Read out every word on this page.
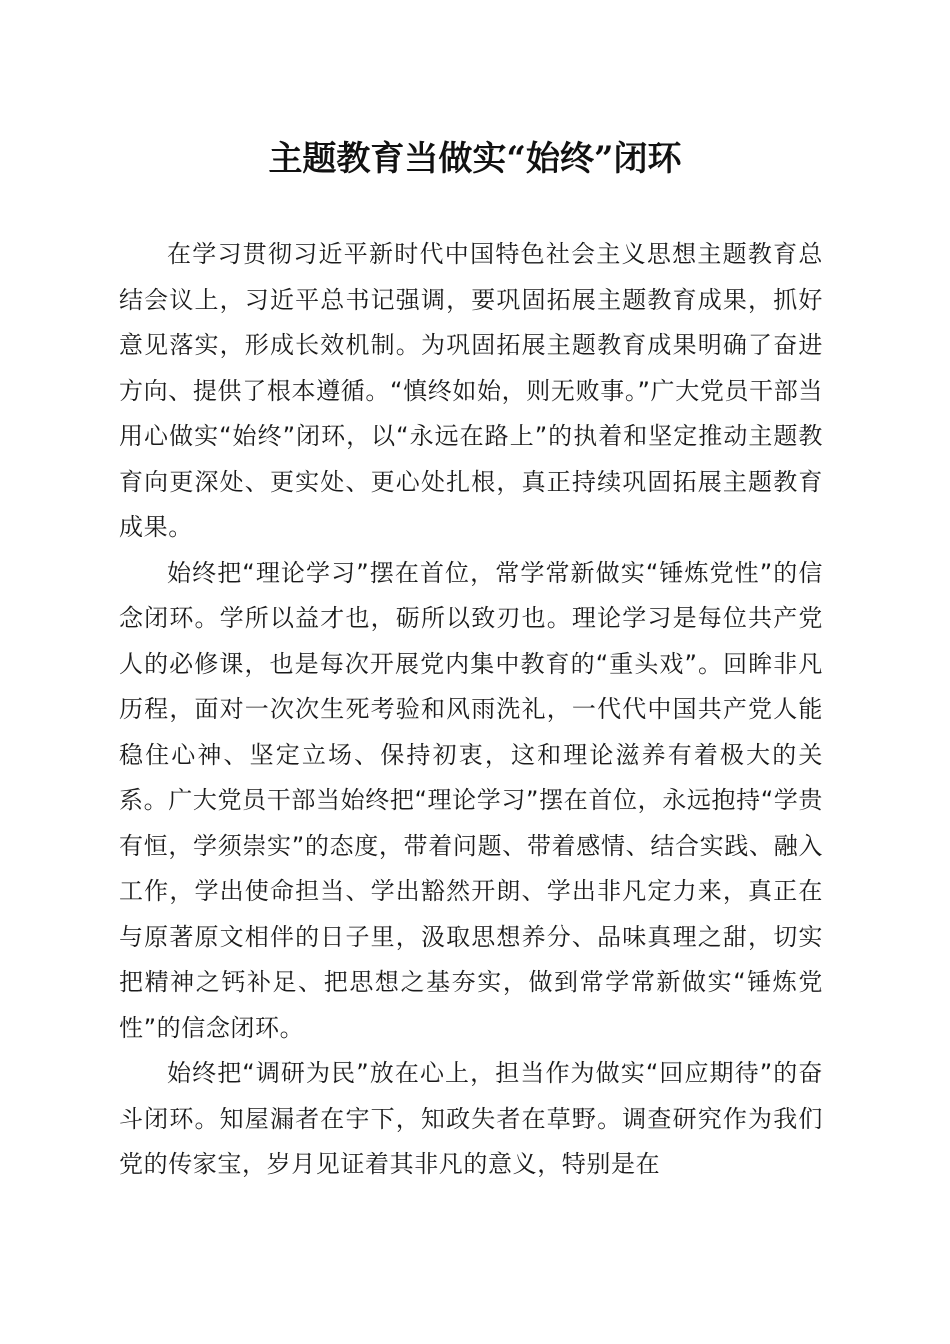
主题教育当做实“始终”闭环

在学习贯彻习近平新时代中国特色社会主义思想主题教育总结会议上，习近平总书记强调，要巩固拓展主题教育成果，抓好意见落实，形成长效机制。为巩固拓展主题教育成果明确了奋进方向、提供了根本遵循。“慎终如始，则无败事。”广大党员干部当用心做实“始终”闭环，以“永远在路上”的执着和坚定推动主题教育向更深处、更实处、更心处扎根，真正持续巩固拓展主题教育成果。

始终把“理论学习”摆在首位，常学常新做实“锤炼党性”的信念闭环。学所以益才也，砺所以致刃也。理论学习是每位共产党人的必修课，也是每次开展党内集中教育的“重头戏”。回眸非凡历程，面对一次次生死考验和风雨洗礼，一代代中国共产党人能稳住心神、坚定立场、保持初衷，这和理论滋养有着极大的关系。广大党员干部当始终把“理论学习”摆在首位，永远抱持“学贵有恒，学须崇实”的态度，带着问题、带着感情、结合实践、融入工作，学出使命担当、学出豁然开朗、学出非凡定力来，真正在与原著原文相伴的日子里，汲取思想养分、品味真理之甜，切实把精神之钙补足、把思想之基夯实，做到常学常新做实“锤炼党性”的信念闭环。

始终把“调研为民”放在心上，担当作为做实“回应期待”的奋斗闭环。知屋漏者在宇下，知政失者在草野。调查研究作为我们党的传家宝，岁月见证着其非凡的意义，特别是在
